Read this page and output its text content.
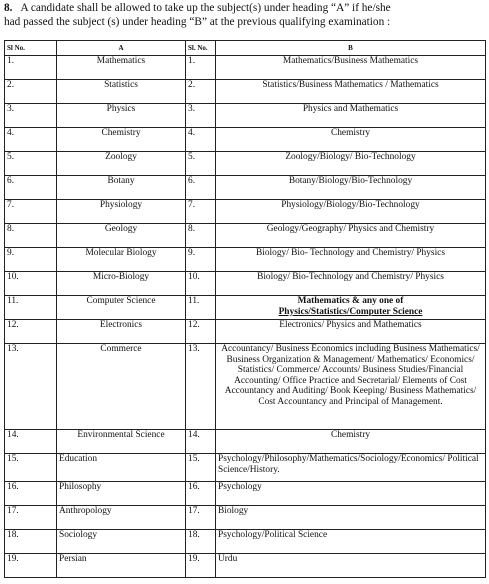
8. A candidate shall be allowed to take up the subject(s) under heading “A” if he/she
had passed the subject (s) under heading “B” at the previous qualifying examination :

Sl No.	A	Sl. No.	B
1.	Mathematics	1.	Mathematics/Business Mathematics
2.	Statistics	2.	Statistics/Business Mathematics / Mathematics
3.	Physics	3.	Physics and Mathematics
4.	Chemistry	4.	Chemistry
5.	Zoology	5.	Zoology/Biology/ Bio-Technology
6.	Botany	6.	Botany/Biology/Bio-Technology
7.	Physiology	7.	Physiology/Biology/Bio-Technology
8.	Geology	8.	Geology/Geography/ Physics and Chemistry
9.	Molecular Biology	9.	Biology/ Bio- Technology and Chemistry/ Physics
10.	Micro-Biology	10.	Biology/ Bio-Technology and Chemistry/ Physics
11.	Computer Science	11.	Mathematics & any one of
Physics/Statistics/Computer Science

12.	Electronics	12.	Electronics/ Physics and Mathematics
13.	Commerce	13.	Accountancy/ Business Economics including Business Mathematics/ Business Organization & Management/ Mathematics/ Economics/ Statistics/ Commerce/ Accounts/ Business Studies/Financial Accounting/ Office Practice and Secretarial/ Elements of Cost Accountancy and Auditing/ Book Keeping/ Business Mathematics/ Cost Accountancy and Principal of Management.
14.	Environmental Science	14.	Chemistry
15.	Education	15.	Psychology/Philosophy/Mathematics/Sociology/Economics/ Political Science/History.
16.	Philosophy	16.	Psychology
17.	Anthropology	17.	Biology
18.	Sociology	18.	Psychology/Political Science
19.	Persian	19.	Urdu
